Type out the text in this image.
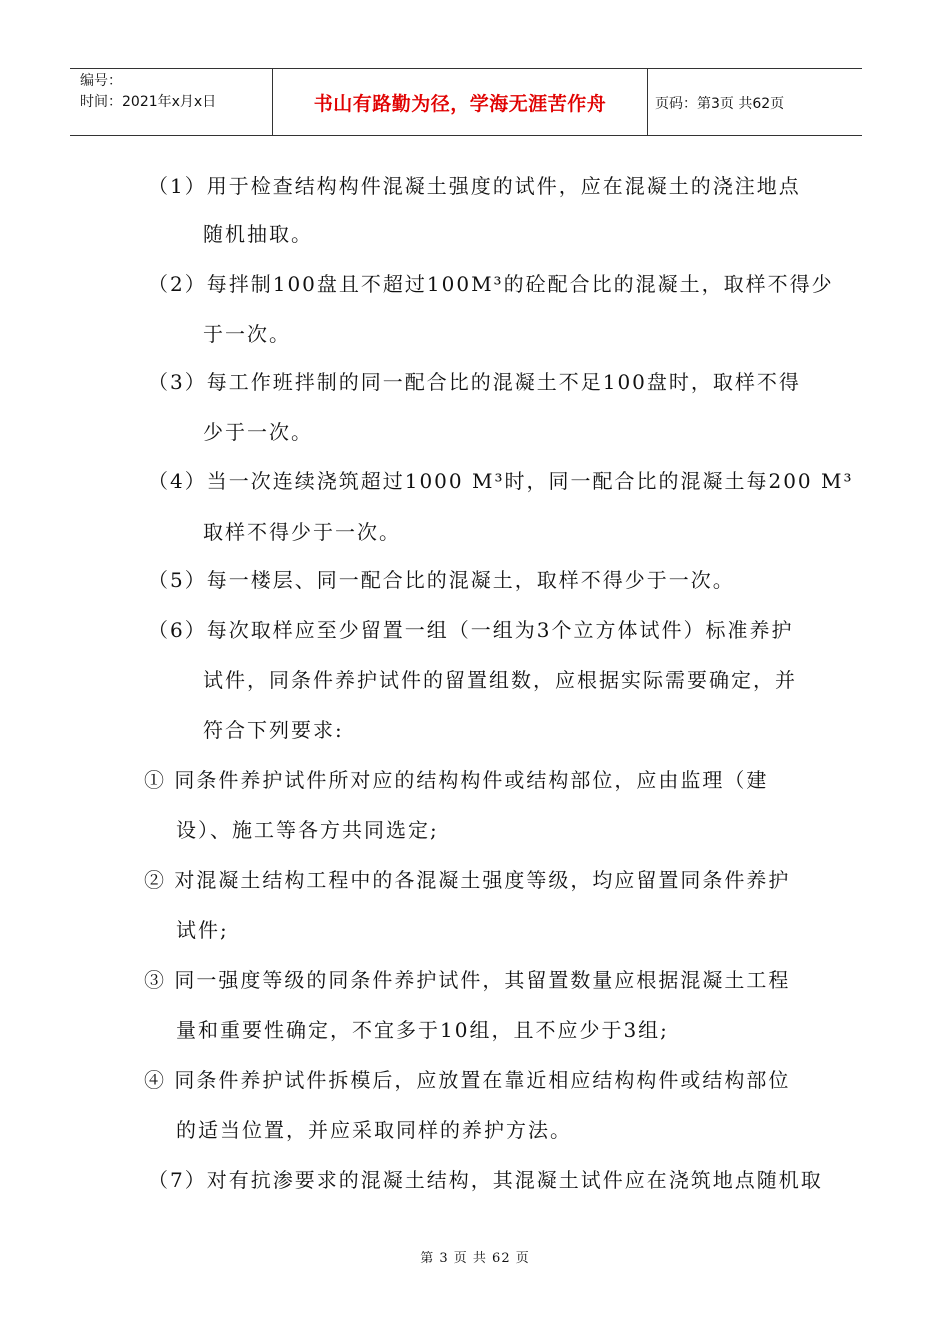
编号：
时间：2021年x月x日	书山有路勤为径，学海无涯苦作舟	页码：第3页 共62页
（1）用于检查结构构件混凝土强度的试件，应在混凝土的浇注地点
随机抽取。
（2）每拌制100盘且不超过100M³的砼配合比的混凝土，取样不得少
于一次。
（3）每工作班拌制的同一配合比的混凝土不足100盘时，取样不得
少于一次。
（4）当一次连续浇筑超过1000 M³时，同一配合比的混凝土每200 M³
取样不得少于一次。
（5）每一楼层、同一配合比的混凝土，取样不得少于一次。
（6）每次取样应至少留置一组（一组为3个立方体试件）标准养护
试件，同条件养护试件的留置组数，应根据实际需要确定，并
符合下列要求:
① 同条件养护试件所对应的结构构件或结构部位，应由监理（建
设）、施工等各方共同选定;
② 对混凝土结构工程中的各混凝土强度等级，均应留置同条件养护
试件;
③ 同一强度等级的同条件养护试件，其留置数量应根据混凝土工程
量和重要性确定，不宜多于10组，且不应少于3组;
④ 同条件养护试件拆模后，应放置在靠近相应结构构件或结构部位
的适当位置，并应采取同样的养护方法。
（7）对有抗渗要求的混凝土结构，其混凝土试件应在浇筑地点随机取
第 3 页 共 62 页
